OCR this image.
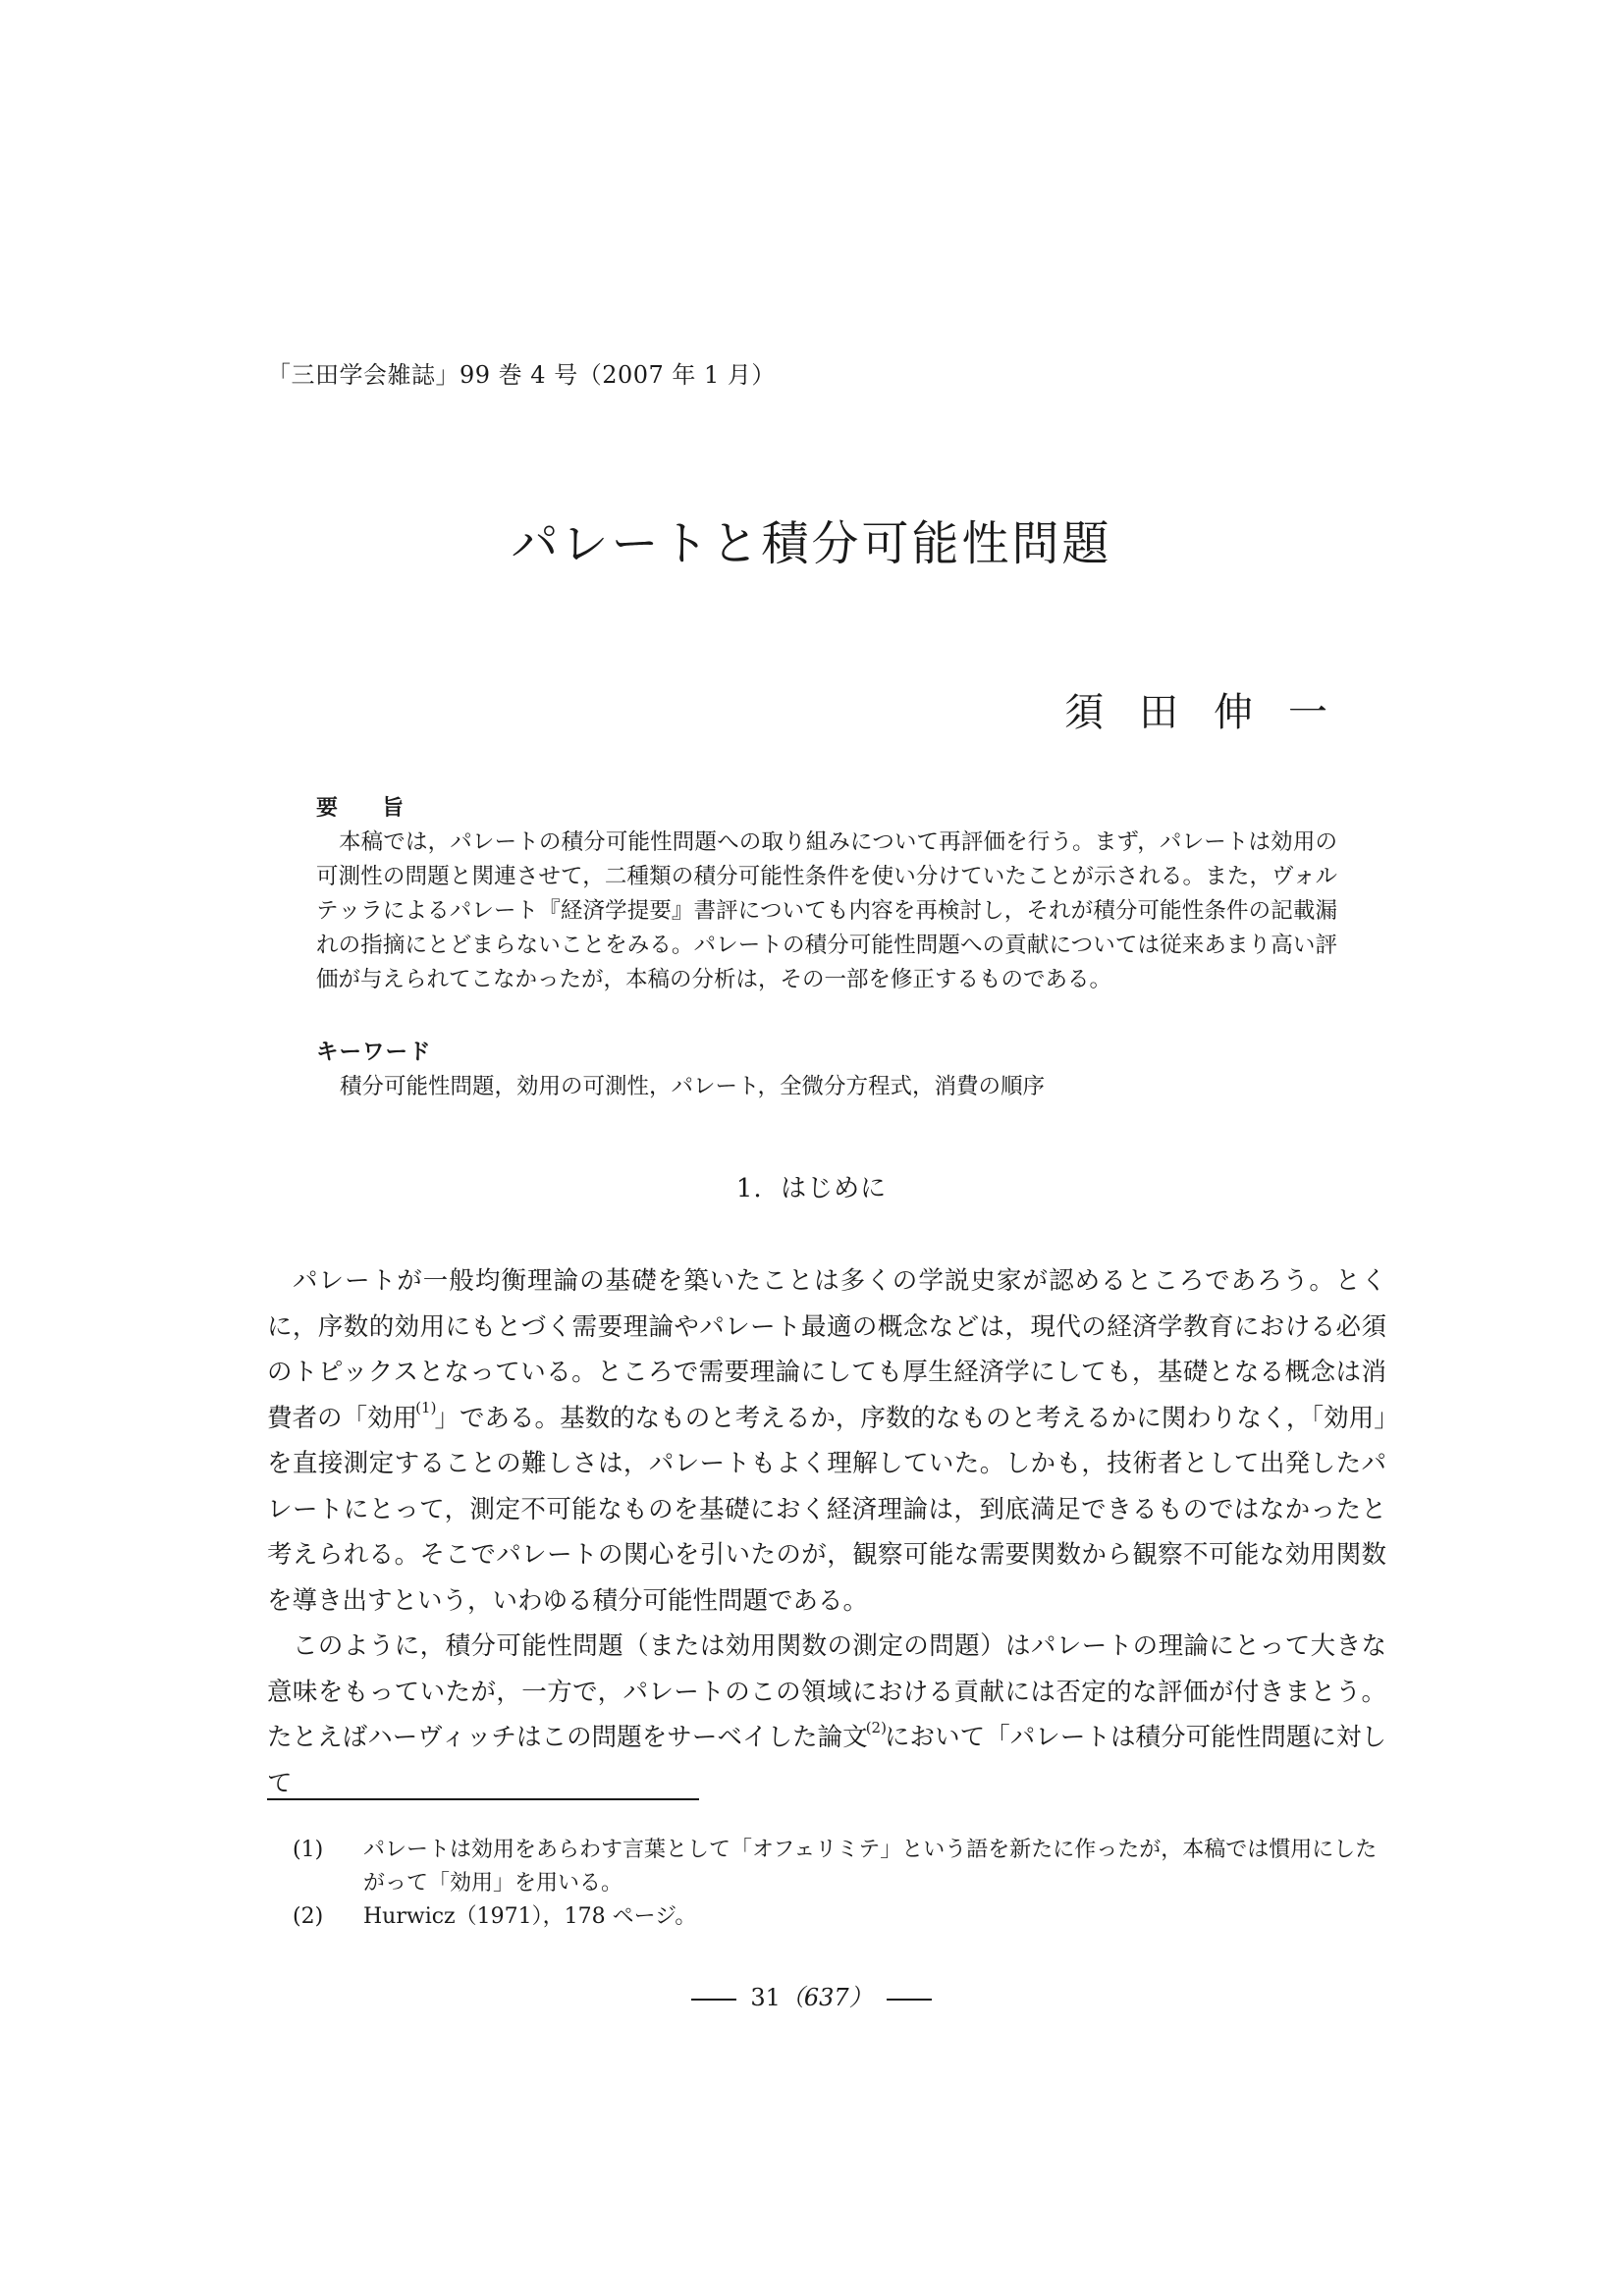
「三田学会雑誌」99 巻 4 号（2007 年 1 月）
パレートと積分可能性問題
須田伸一
要旨
本稿では，パレートの積分可能性問題への取り組みについて再評価を行う。まず，パレートは効用の可測性の問題と関連させて，二種類の積分可能性条件を使い分けていたことが示される。また，ヴォルテッラによるパレート『経済学提要』書評についても内容を再検討し，それが積分可能性条件の記載漏れの指摘にとどまらないことをみる。パレートの積分可能性問題への貢献については従来あまり高い評価が与えられてこなかったが，本稿の分析は，その一部を修正するものである。
キーワード
積分可能性問題，効用の可測性，パレート，全微分方程式，消費の順序
1. はじめに

パレートが一般均衡理論の基礎を築いたことは多くの学説史家が認めるところであろう。とくに，序数的効用にもとづく需要理論やパレート最適の概念などは，現代の経済学教育における必須のトピックスとなっている。ところで需要理論にしても厚生経済学にしても，基礎となる概念は消費者の「効用$^{(1)}$」である。基数的なものと考えるか，序数的なものと考えるかに関わりなく，「効用」を直接測定することの難しさは，パレートもよく理解していた。しかも，技術者として出発したパレートにとって，測定不可能なものを基礎におく経済理論は，到底満足できるものではなかったと考えられる。そこでパレートの関心を引いたのが，観察可能な需要関数から観察不可能な効用関数を導き出すという，いわゆる積分可能性問題である。

このように，積分可能性問題（または効用関数の測定の問題）はパレートの理論にとって大きな意味をもっていたが，一方で，パレートのこの領域における貢献には否定的な評価が付きまとう。たとえばハーヴィッチはこの問題をサーベイした論文$^{(2)}$において「パレートは積分可能性問題に対して

(1)	パレートは効用をあらわす言葉として「オフェリミテ」という語を新たに作ったが，本稿では慣用にしたがって「効用」を用いる。
(2)	Hurwicz（1971），178 ページ。
31（637）
